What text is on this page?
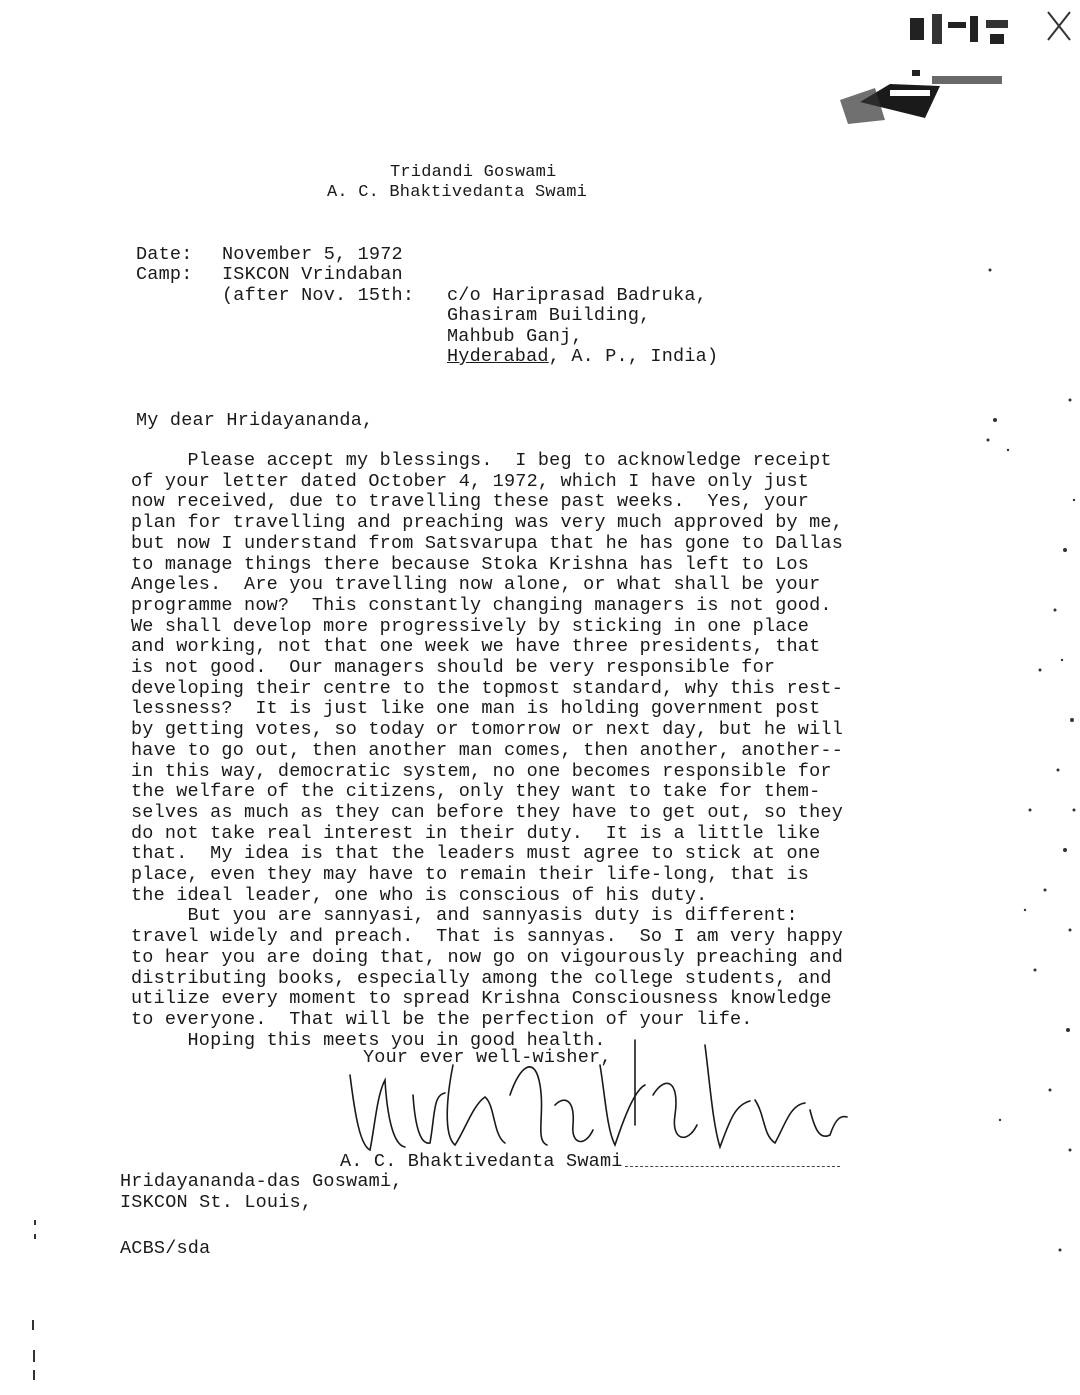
Tridandi Goswami
A. C. Bhaktivedanta Swami
Date: November 5, 1972
Camp: ISKCON Vrindaban
(after Nov. 15th: c/o Hariprasad Badruka,
Ghasiram Building,
Mahbub Ganj,
Hyderabad, A. P., India)
My dear Hridayananda,
Please accept my blessings.  I beg to acknowledge receipt
of your letter dated October 4, 1972, which I have only just
now received, due to travelling these past weeks.  Yes, your
plan for travelling and preaching was very much approved by me,
but now I understand from Satsvarupa that he has gone to Dallas
to manage things there because Stoka Krishna has left to Los
Angeles.  Are you travelling now alone, or what shall be your
programme now?  This constantly changing managers is not good.
We shall develop more progressively by sticking in one place
and working, not that one week we have three presidents, that
is not good.  Our managers should be very responsible for
developing their centre to the topmost standard, why this rest-
lessness?  It is just like one man is holding government post
by getting votes, so today or tomorrow or next day, but he will
have to go out, then another man comes, then another, another--
in this way, democratic system, no one becomes responsible for
the welfare of the citizens, only they want to take for them-
selves as much as they can before they have to get out, so they
do not take real interest in their duty.  It is a little like
that.  My idea is that the leaders must agree to stick at one
place, even they may have to remain their life-long, that is
the ideal leader, one who is conscious of his duty.
But you are sannyasi, and sannyasis duty is different:
travel widely and preach.  That is sannyas.  So I am very happy
to hear you are doing that, now go on vigourously preaching and
distributing books, especially among the college students, and
utilize every moment to spread Krishna Consciousness knowledge
to everyone.  That will be the perfection of your life.
Hoping this meets you in good health.
Your ever well-wisher,
A. C. Bhaktivedanta Swami
Hridayananda-das Goswami,
ISKCON St. Louis,
ACBS/sda
